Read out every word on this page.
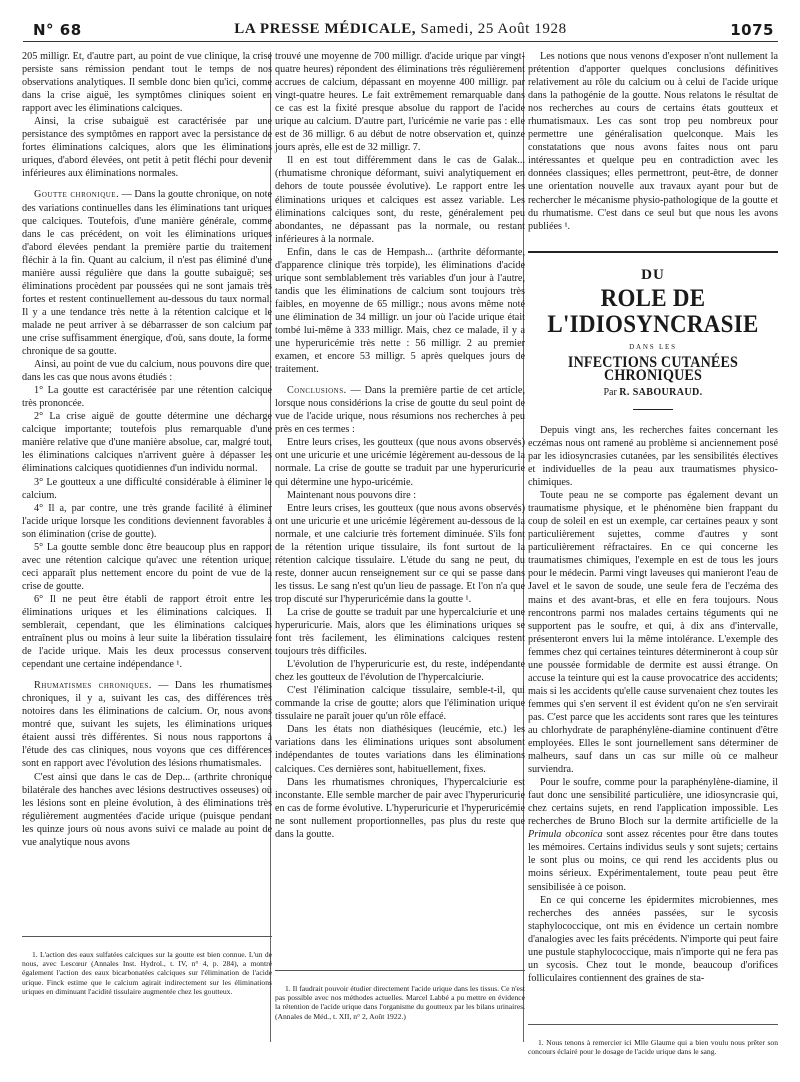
N° 68	LA PRESSE MÉDICALE, Samedi, 25 Août 1928	1075

205 milligr. Et, d'autre part, au point de vue clinique, la crise persiste sans rémission pendant tout le temps de nos observations analytiques. Il semble donc bien qu'ici, comme dans la crise aiguë, les symptômes cliniques soient en rapport avec les éliminations calciques.

Ainsi, la crise subaiguë est caractérisée par une persistance des symptômes en rapport avec la persistance de fortes éliminations calciques, alors que les éliminations uriques, d'abord élevées, ont petit à petit fléchi pour devenir inférieures aux éliminations normales.

Goutte chronique. — Dans la goutte chronique, on note des variations continuelles dans les éliminations tant uriques que calciques. Toutefois, d'une manière générale, comme dans le cas précédent, on voit les éliminations uriques d'abord élevées pendant la première partie du traitement fléchir à la fin. Quant au calcium, il n'est pas éliminé d'une manière aussi régulière que dans la goutte subaiguë; ses éliminations procèdent par poussées qui ne sont jamais très fortes et restent continuellement au-dessous du taux normal. Il y a une tendance très nette à la rétention calcique et le malade ne peut arriver à se débarrasser de son calcium par une crise suffisamment énergique, d'où, sans doute, la forme chronique de sa goutte.

Ainsi, au point de vue du calcium, nous pouvons dire que, dans les cas que nous avons étudiés :

1° La goutte est caractérisée par une rétention calcique très prononcée.

2° La crise aiguë de goutte détermine une décharge calcique importante; toutefois plus remarquable d'une manière relative que d'une manière absolue, car, malgré tout, les éliminations calciques n'arrivent guère à dépasser les éliminations calciques quotidiennes d'un individu normal.

3° Le goutteux a une difficulté considérable à éliminer le calcium.

4° Il a, par contre, une très grande facilité à éliminer l'acide urique lorsque les conditions deviennent favorables à son élimination (crise de goutte).

5° La goutte semble donc être beaucoup plus en rapport avec une rétention calcique qu'avec une rétention urique; ceci apparaît plus nettement encore du point de vue de la crise de goutte.

6° Il ne peut être établi de rapport étroit entre les éliminations uriques et les éliminations calciques. Il semblerait, cependant, que les éliminations calciques entraînent plus ou moins à leur suite la libération tissulaire de l'acide urique. Mais les deux processus conservent cependant une certaine indépendance ¹.

Rhumatismes chroniques. — Dans les rhumatismes chroniques, il y a, suivant les cas, des différences très notoires dans les éliminations de calcium. Or, nous avons montré que, suivant les sujets, les éliminations uriques étaient aussi très différentes. Si nous nous rapportons à l'étude des cas cliniques, nous voyons que ces différences sont en rapport avec l'évolution des lésions rhumatismales.

C'est ainsi que dans le cas de Dep... (arthrite chronique bilatérale des hanches avec lésions destructives osseuses) où les lésions sont en pleine évolution, à des éliminations très régulièrement augmentées d'acide urique (puisque pendant les quinze jours où nous avons suivi ce malade au point de vue analytique nous avons

1. L'action des eaux sulfatées calciques sur la goutte est bien connue. L'un de nous, avec Lescœur (Annales Inst. Hydrol., t. IV, n° 4, p. 284), a montré également l'action des eaux bicarbonatées calciques sur l'élimination de l'acide urique. Finck estime que le calcium agirait indirectement sur les éliminations uriques en diminuant l'acidité tissulaire augmentée chez les goutteux.

trouvé une moyenne de 700 milligr. d'acide urique par vingt-quatre heures) répondent des éliminations très régulièrement accrues de calcium, dépassant en moyenne 400 milligr. par vingt-quatre heures. Le fait extrêmement remarquable dans ce cas est la fixité presque absolue du rapport de l'acide urique au calcium. D'autre part, l'uricémie ne varie pas : elle est de 36 milligr. 6 au début de notre observation et, quinze jours après, elle est de 32 milligr. 7.

Il en est tout différemment dans le cas de Galak... (rhumatisme chronique déformant, suivi analytiquement en dehors de toute poussée évolutive). Le rapport entre les éliminations uriques et calciques est assez variable. Les éliminations calciques sont, du reste, généralement peu abondantes, ne dépassant pas la normale, ou restant inférieures à la normale.

Enfin, dans le cas de Hempash... (arthrite déformante, d'apparence clinique très torpide), les éliminations d'acide urique sont semblablement très variables d'un jour à l'autre, tandis que les éliminations de calcium sont toujours très faibles, en moyenne de 65 milligr.; nous avons même noté une élimination de 34 milligr. un jour où l'acide urique était tombé lui-même à 333 milligr. Mais, chez ce malade, il y a une hyperuricémie très nette : 56 milligr. 2 au premier examen, et encore 53 milligr. 5 après quelques jours de traitement.

Conclusions. — Dans la première partie de cet article, lorsque nous considérions la crise de goutte du seul point de vue de l'acide urique, nous résumions nos recherches à peu près en ces termes :

Entre leurs crises, les goutteux (que nous avons observés) ont une uricurie et une uricémie légèrement au-dessous de la normale. La crise de goutte se traduit par une hyperuricurie qui détermine une hypo-uricémie.

Maintenant nous pouvons dire :

Entre leurs crises, les goutteux (que nous avons observés) ont une uricurie et une uricémie légèrement au-dessous de la normale, et une calciurie très fortement diminuée. S'ils font de la rétention urique tissulaire, ils font surtout de la rétention calcique tissulaire. L'étude du sang ne peut, du reste, donner aucun renseignement sur ce qui se passe dans les tissus. Le sang n'est qu'un lieu de passage. Et l'on n'a que trop discuté sur l'hyperuricémie dans la goutte ¹.

La crise de goutte se traduit par une hypercalciurie et une hyperuricurie. Mais, alors que les éliminations uriques se font très facilement, les éliminations calciques restent toujours très difficiles.

L'évolution de l'hyperuricurie est, du reste, indépendante chez les goutteux de l'évolution de l'hypercalciurie.

C'est l'élimination calcique tissulaire, semble-t-il, qui commande la crise de goutte; alors que l'élimination urique tissulaire ne paraît jouer qu'un rôle effacé.

Dans les états non diathésiques (leucémie, etc.) les variations dans les éliminations uriques sont absolument indépendantes de toutes variations dans les éliminations calciques. Ces dernières sont, habituellement, fixes.

Dans les rhumatismes chroniques, l'hypercalciurie est inconstante. Elle semble marcher de pair avec l'hyperuricurie en cas de forme évolutive. L'hyperuricurie et l'hyperuricémie ne sont nullement proportionnelles, pas plus du reste que dans la goutte.

1. Il faudrait pouvoir étudier directement l'acide urique dans les tissus. Ce n'est pas possible avec nos méthodes actuelles. Marcel Labbé a pu mettre en évidence la rétention de l'acide urique dans l'organisme du goutteux par les bilans urinaires. (Annales de Méd., t. XII, n° 2, Août 1922.)

Les notions que nous venons d'exposer n'ont nullement la prétention d'apporter quelques conclusions définitives relativement au rôle du calcium ou à celui de l'acide urique dans la pathogénie de la goutte. Nous relatons le résultat de nos recherches au cours de certains états goutteux et rhumatismaux. Les cas sont trop peu nombreux pour permettre une généralisation quelconque. Mais les constatations que nous avons faites nous ont paru intéressantes et quelque peu en contradiction avec les données classiques; elles permettront, peut-être, de donner une orientation nouvelle aux travaux ayant pour but de rechercher le mécanisme physio-pathologique de la goutte et du rhumatisme. C'est dans ce seul but que nous les avons publiées ¹.

DU
ROLE DE L'IDIOSYNCRASIE
DANS LES
INFECTIONS CUTANÉES CHRONIQUES
Par R. SABOURAUD.

Depuis vingt ans, les recherches faites concernant les eczémas nous ont ramené au problème si anciennement posé par les idiosyncrasies cutanées, par les sensibilités électives et individuelles de la peau aux traumatismes physico-chimiques.

Toute peau ne se comporte pas également devant un traumatisme physique, et le phénomène bien frappant du coup de soleil en est un exemple, car certaines peaux y sont particulièrement sujettes, comme d'autres y sont particulièrement réfractaires. En ce qui concerne les traumatismes chimiques, l'exemple en est de tous les jours pour le médecin. Parmi vingt laveuses qui manieront l'eau de Javel et le savon de soude, une seule fera de l'eczéma des mains et des avant-bras, et elle en fera toujours. Nous rencontrons parmi nos malades certains téguments qui ne supportent pas le soufre, et qui, à dix ans d'intervalle, présenteront envers lui la même intolérance. L'exemple des femmes chez qui certaines teintures détermineront à coup sûr une poussée formidable de dermite est aussi étrange. On accuse la teinture qui est la cause provocatrice des accidents; mais si les accidents qu'elle cause survenaient chez toutes les femmes qui s'en servent il est évident qu'on ne s'en servirait pas. C'est parce que les accidents sont rares que les teintures au chlorhydrate de paraphénylène-diamine continuent d'être employées. Elles le sont journellement sans déterminer de malheurs, sauf dans un cas sur mille où ce malheur surviendra.

Pour le soufre, comme pour la paraphénylène-diamine, il faut donc une sensibilité particulière, une idiosyncrasie qui, chez certains sujets, en rend l'application impossible. Les recherches de Bruno Bloch sur la dermite artificielle de la Primula obconica sont assez récentes pour être dans toutes les mémoires. Certains individus seuls y sont sujets; certains le sont plus ou moins, ce qui rend les accidents plus ou moins sérieux. Expérimentalement, toute peau peut être sensibilisée à ce poison.

En ce qui concerne les épidermites microbiennes, mes recherches des années passées, sur le sycosis staphylococcique, ont mis en évidence un certain nombre d'analogies avec les faits précédents. N'importe qui peut faire une pustule staphylococcique, mais n'importe qui ne fera pas un sycosis. Chez tout le monde, beaucoup d'orifices folliculaires contiennent des graines de sta-

1. Nous tenons à remercier ici Mlle Glaume qui a bien voulu nous prêter son concours éclairé pour le dosage de l'acide urique dans le sang.
